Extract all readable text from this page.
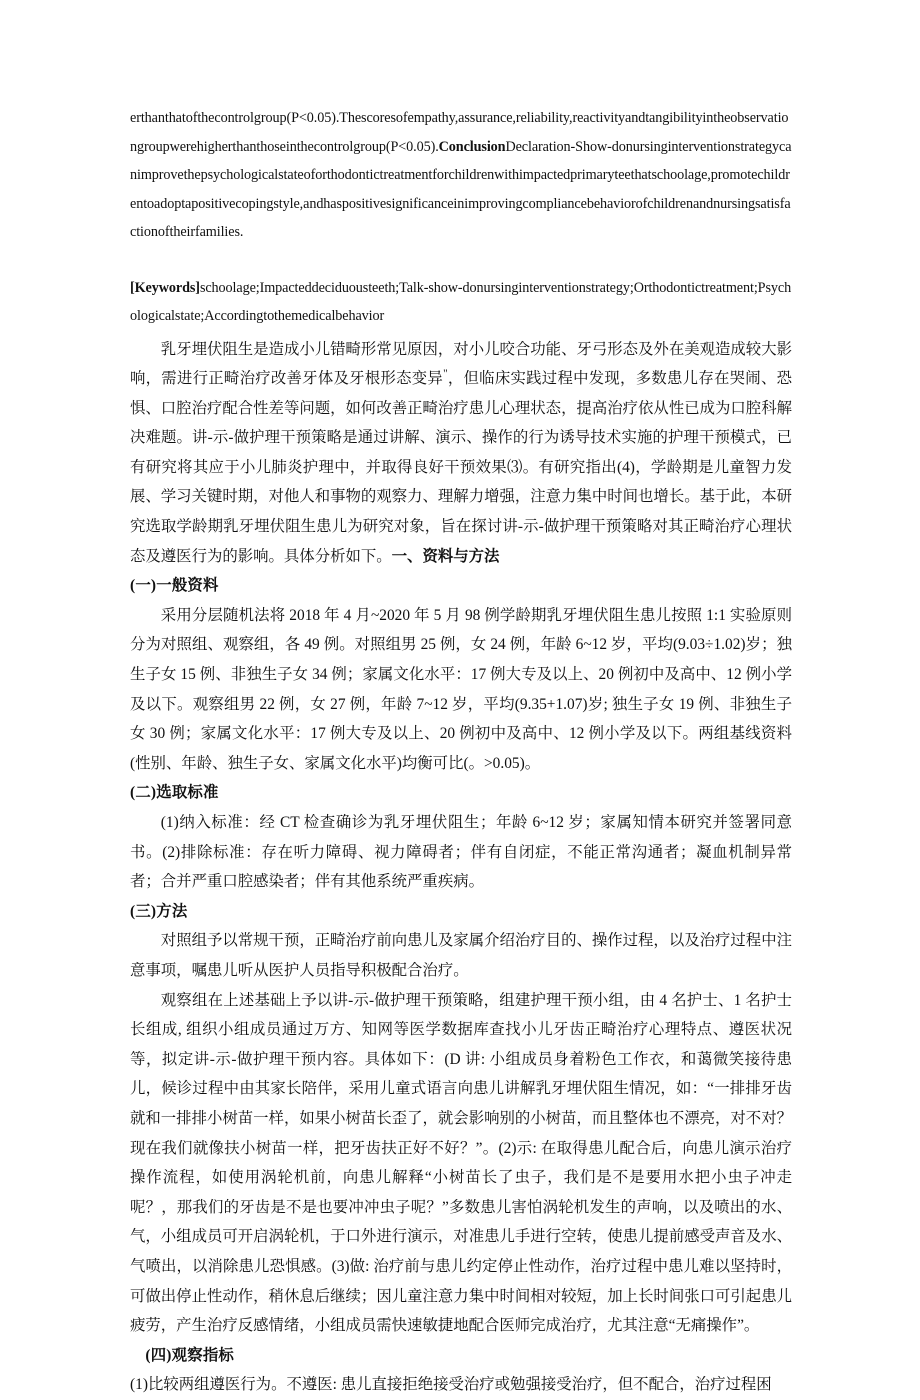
erthanthatofthecontrolgroup(P<0.05).Thescoresofempathy,assurance,reliability,reactivityandtangibilityintheobservationgroupwerehigherthanthoseinthecontrolgroup(P<0.05).ConclusionDeclaration-Show-donursinginterventionstrategycanimprovethepsychologicalstateoforthodontictreatmentforchildrenwithimpactedprimaryteethatschoolage,promotechildrentoadoptapositivecopingstyle,andhaspositivesignificanceinimprovingcompliancebehaviorofchildrenandnursingsatisfactionoftheirfamilies.
[Keywords]schoolage;Impacteddeciduousteeth;Talk-show-donursinginterventionstrategy;Orthodontictreatment;Psychologicalstate;Accordingtothemedicalbehavior

乳牙埋伏阻生是造成小儿错畸形常见原因，对小儿咬合功能、牙弓形态及外在美观造成较大影响，需进行正畸治疗改善牙体及牙根形态变异"，但临床实践过程中发现，多数患儿存在哭闹、恐惧、口腔治疗配合性差等问题，如何改善正畸治疗患儿心理状态，提高治疗依从性已成为口腔科解决难题。讲-示-做护理干预策略是通过讲解、演示、操作的行为诱导技术实施的护理干预模式，已有研究将其应于小儿肺炎护理中，并取得良好干预效果⑶。有研究指出(4)，学龄期是儿童智力发展、学习关键时期，对他人和事物的观察力、理解力增强，注意力集中时间也增长。基于此，本研究选取学龄期乳牙埋伏阻生患儿为研究对象，旨在探讨讲-示-做护理干预策略对其正畸治疗心理状态及遵医行为的影响。具体分析如下。一、资料与方法

(一)一般资料

采用分层随机法将 2018 年 4 月~2020 年 5 月 98 例学龄期乳牙埋伏阻生患儿按照 1:1 实验原则分为对照组、观察组，各 49 例。对照组男 25 例，女 24 例，年龄 6~12 岁，平均(9.03÷1.02)岁；独生子女 15 例、非独生子女 34 例；家属文化水平：17 例大专及以上、20 例初中及高中、12 例小学及以下。观察组男 22 例，女 27 例，年龄 7~12 岁，平均(9.35+1.07)岁; 独生子女 19 例、非独生子女 30 例；家属文化水平：17 例大专及以上、20 例初中及高中、12 例小学及以下。两组基线资料(性别、年龄、独生子女、家属文化水平)均衡可比(。>0.05)。

(二)选取标准

(1)纳入标准：经 CT 检查确诊为乳牙埋伏阻生；年龄 6~12 岁；家属知情本研究并签署同意书。(2)排除标准：存在听力障碍、视力障碍者；伴有自闭症，不能正常沟通者；凝血机制异常者；合并严重口腔感染者；伴有其他系统严重疾病。

(三)方法

对照组予以常规干预，正畸治疗前向患儿及家属介绍治疗目的、操作过程，以及治疗过程中注意事项，嘱患儿听从医护人员指导积极配合治疗。

观察组在上述基础上予以讲-示-做护理干预策略，组建护理干预小组，由 4 名护士、1 名护士长组成, 组织小组成员通过万方、知网等医学数据库查找小儿牙齿正畸治疗心理特点、遵医状况等，拟定讲-示-做护理干预内容。具体如下：(D 讲: 小组成员身着粉色工作衣，和蔼微笑接待患儿，候诊过程中由其家长陪伴，采用儿童式语言向患儿讲解乳牙埋伏阻生情况，如：“一排排牙齿就和一排排小树苗一样，如果小树苗长歪了，就会影响别的小树苗，而且整体也不漂亮，对不对？现在我们就像扶小树苗一样，把牙齿扶正好不好？”。(2)示: 在取得患儿配合后，向患儿演示治疗操作流程，如使用涡轮机前，向患儿解释“小树苗长了虫子，我们是不是要用水把小虫子冲走呢？，那我们的牙齿是不是也要冲冲虫子呢？”多数患儿害怕涡轮机发生的声响，以及喷出的水、气，小组成员可开启涡轮机，于口外进行演示，对准患儿手进行空转，使患儿提前感受声音及水、气喷出，以消除患儿恐惧感。(3)做: 治疗前与患儿约定停止性动作，治疗过程中患儿难以坚持时，可做出停止性动作，稍休息后继续；因儿童注意力集中时间相对较短，加上长时间张口可引起患儿疲劳，产生治疗反感情绪，小组成员需快速敏捷地配合医师完成治疗，尤其注意“无痛操作”。

(四)观察指标

(1)比较两组遵医行为。不遵医: 患儿直接拒绝接受治疗或勉强接受治疗，但不配合，治疗过程困
